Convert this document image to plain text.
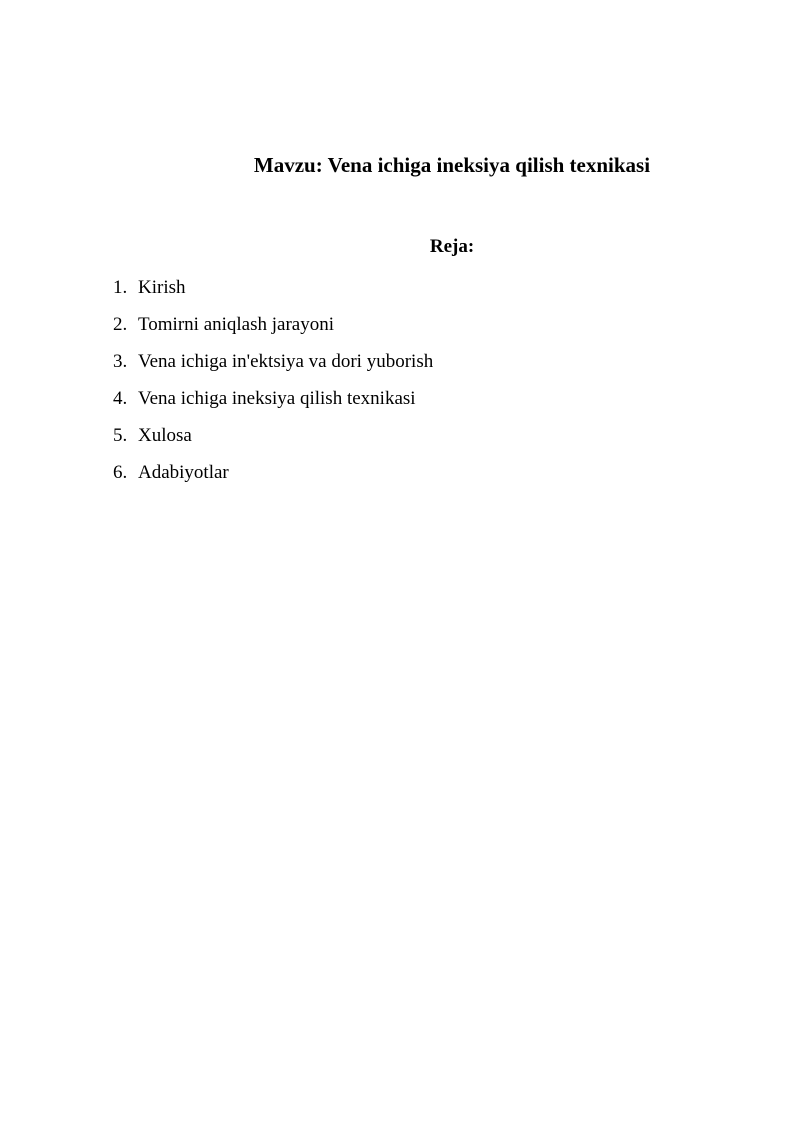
Mavzu: Vena ichiga ineksiya qilish texnikasi
Reja:
1. Kirish
2. Tomirni aniqlash jarayoni
3. Vena ichiga in'ektsiya va dori yuborish
4. Vena ichiga ineksiya qilish texnikasi
5. Xulosa
6. Adabiyotlar
